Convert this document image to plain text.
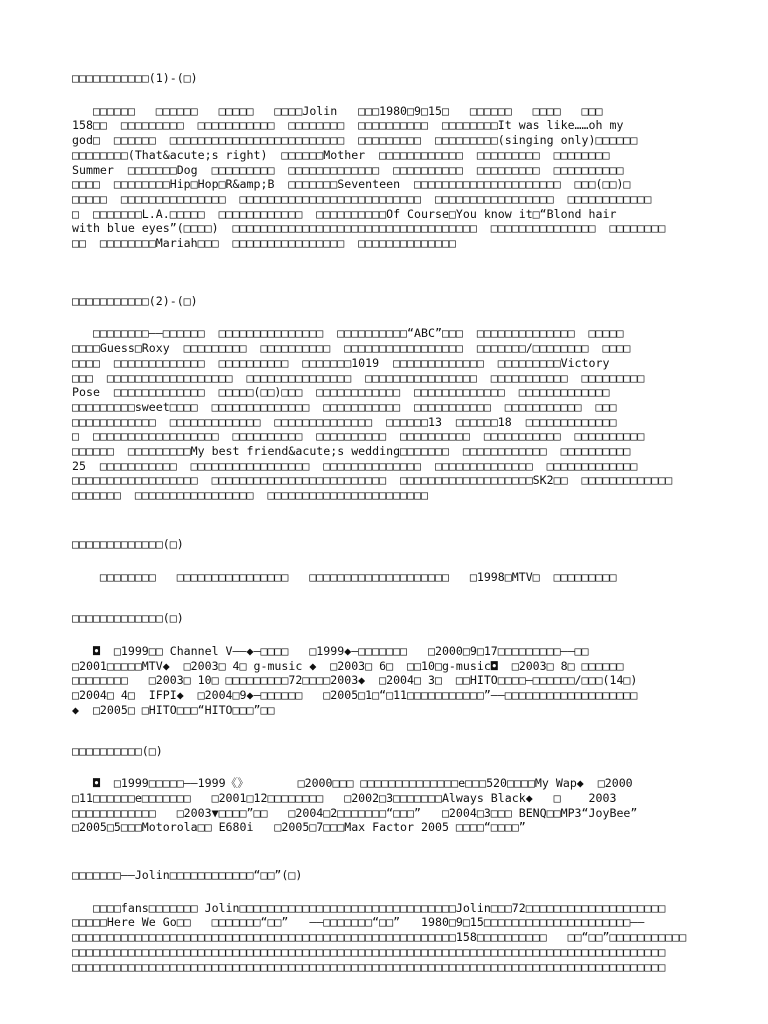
□□□□□□□□□□□(1)-(□)
□□□□□□   □□□□□□   □□□□□   □□□□Jolin   □□□1980□9□15□   □□□□□□   □□□□   □□□
158□□  □□□□□□□□□  □□□□□□□□□□□  □□□□□□□□  □□□□□□□□□□  □□□□□□□□It was like……oh my
god□  □□□□□□  □□□□□□□□□□□□□□□□□□□□□□□□□  □□□□□□□□□  □□□□□□□□□(singing only)□□□□□□
□□□□□□□□(That&acute;s right)  □□□□□□Mother  □□□□□□□□□□□□  □□□□□□□□□  □□□□□□□□
Summer  □□□□□□□Dog  □□□□□□□□□  □□□□□□□□□□□□□  □□□□□□□□□□  □□□□□□□□□  □□□□□□□□□□
□□□□  □□□□□□□□Hip□Hop□R&amp;B  □□□□□□□Seventeen  □□□□□□□□□□□□□□□□□□□□□  □□□(□□)□
□□□□□  □□□□□□□□□□□□□□□  □□□□□□□□□□□□□□□□□□□□□□□□□□  □□□□□□□□□□□□□□□□□  □□□□□□□□□□□□
□  □□□□□□□L.A.□□□□□  □□□□□□□□□□□□  □□□□□□□□□□Of Course□You know it□“Blond hair
with blue eyes”(□□□□)  □□□□□□□□□□□□□□□□□□□□□□□□□□□□□□□□□□□  □□□□□□□□□□□□□□□  □□□□□□□□
□□  □□□□□□□□Mariah□□□  □□□□□□□□□□□□□□□□  □□□□□□□□□□□□□□
□□□□□□□□□□□(2)-(□)
□□□□□□□□——□□□□□□  □□□□□□□□□□□□□□□  □□□□□□□□□□“ABC”□□□  □□□□□□□□□□□□□□  □□□□□
□□□□Guess□Roxy  □□□□□□□□□  □□□□□□□□□□  □□□□□□□□□□□□□□□□□  □□□□□□□/□□□□□□□□  □□□□
□□□□  □□□□□□□□□□□□□  □□□□□□□□□□  □□□□□□□1019  □□□□□□□□□□□□□  □□□□□□□□□Victory
□□□  □□□□□□□□□□□□□□□□□□  □□□□□□□□□□□□□□□  □□□□□□□□□□□□□□□□  □□□□□□□□□□□  □□□□□□□□□
Pose  □□□□□□□□□□□□□  □□□□□(□□)□□□  □□□□□□□□□□□□  □□□□□□□□□□□□□  □□□□□□□□□□□□□
□□□□□□□□□sweet□□□□  □□□□□□□□□□□□□□  □□□□□□□□□□□  □□□□□□□□□□□  □□□□□□□□□□□  □□□
□□□□□□□□□□□□  □□□□□□□□□□□□□  □□□□□□□□□□□□□□  □□□□□□13  □□□□□□18  □□□□□□□□□□□□□
□  □□□□□□□□□□□□□□□□□□  □□□□□□□□□□  □□□□□□□□□□  □□□□□□□□□□  □□□□□□□□□□□  □□□□□□□□□□
□□□□□□  □□□□□□□□□My best friend&acute;s wedding□□□□□□□  □□□□□□□□□□□□  □□□□□□□□□□
25  □□□□□□□□□□□  □□□□□□□□□□□□□□□□□  □□□□□□□□□□□□□□  □□□□□□□□□□□□□□  □□□□□□□□□□□□□
□□□□□□□□□□□□□□□□□□  □□□□□□□□□□□□□□□□□□□□□□□□□  □□□□□□□□□□□□□□□□□□□SK2□□  □□□□□□□□□□□□□
□□□□□□□  □□□□□□□□□□□□□□□□□  □□□□□□□□□□□□□□□□□□□□□□□
□□□□□□□□□□□□□(□)
□□□□□□□□   □□□□□□□□□□□□□□□□   □□□□□□□□□□□□□□□□□□□□   □1998□MTV□  □□□□□□□□□
□□□□□□□□□□□□□(□)
◘  □1999□□ Channel V——◆—□□□□   □1999◆—□□□□□□□   □2000□9□17□□□□□□□□□——□□
□2001□□□□□MTV◆  □2003□ 4□ g-music ◆  □2003□ 6□  □□10□g-music◘  □2003□ 8□ □□□□□□
□□□□□□□□   □2003□ 10□ □□□□□□□□□72□□□□2003◆  □2004□ 3□  □□HITO□□□□—□□□□□□/□□□(14□)
□2004□ 4□  IFPI◆  □2004□9◆—□□□□□□   □2005□1□“□11□□□□□□□□□□□”——□□□□□□□□□□□□□□□□□□□
◆  □2005□ □HITO□□□“HITO□□□”□□
□□□□□□□□□□(□)
◘  □1999□□□□□——1999《》       □2000□□□ □□□□□□□□□□□□□□e□□□520□□□□My Wap◆  □2000
□11□□□□□□e□□□□□□□   □2001□12□□□□□□□□   □2002□3□□□□□□□Always Black◆   □    2003
□□□□□□□□□□□□   □2003▼□□□□”□□   □2004□2□□□□□□□“□□□”   □2004□3□□□ BENQ□□MP3“JoyBee”
□2005□5□□□Motorola□□ E680i   □2005□7□□□Max Factor 2005 □□□□“□□□□”
□□□□□□□——Jolin□□□□□□□□□□□□“□□”(□)
□□□□fans□□□□□□□ Jolin□□□□□□□□□□□□□□□□□□□□□□□□□□□□□□□Jolin□□□72□□□□□□□□□□□□□□□□□□□□
□□□□□Here We Go□□   □□□□□□□“□□”   ——□□□□□□□“□□”   1980□9□15□□□□□□□□□□□□□□□□□□□□□——
□□□□□□□□□□□□□□□□□□□□□□□□□□□□□□□□□□□□□□□□□□□□□□□□□□□□□□□158□□□□□□□□□□   □□“□□”□□□□□□□□□□□
□□□□□□□□□□□□□□□□□□□□□□□□□□□□□□□□□□□□□□□□□□□□□□□□□□□□□□□□□□□□□□□□□□□□□□□□□□□□□□□□□□□□□
□□□□□□□□□□□□□□□□□□□□□□□□□□□□□□□□□□□□□□□□□□□□□□□□□□□□□□□□□□□□□□□□□□□□□□□□□□□□□□□□□□□□□
